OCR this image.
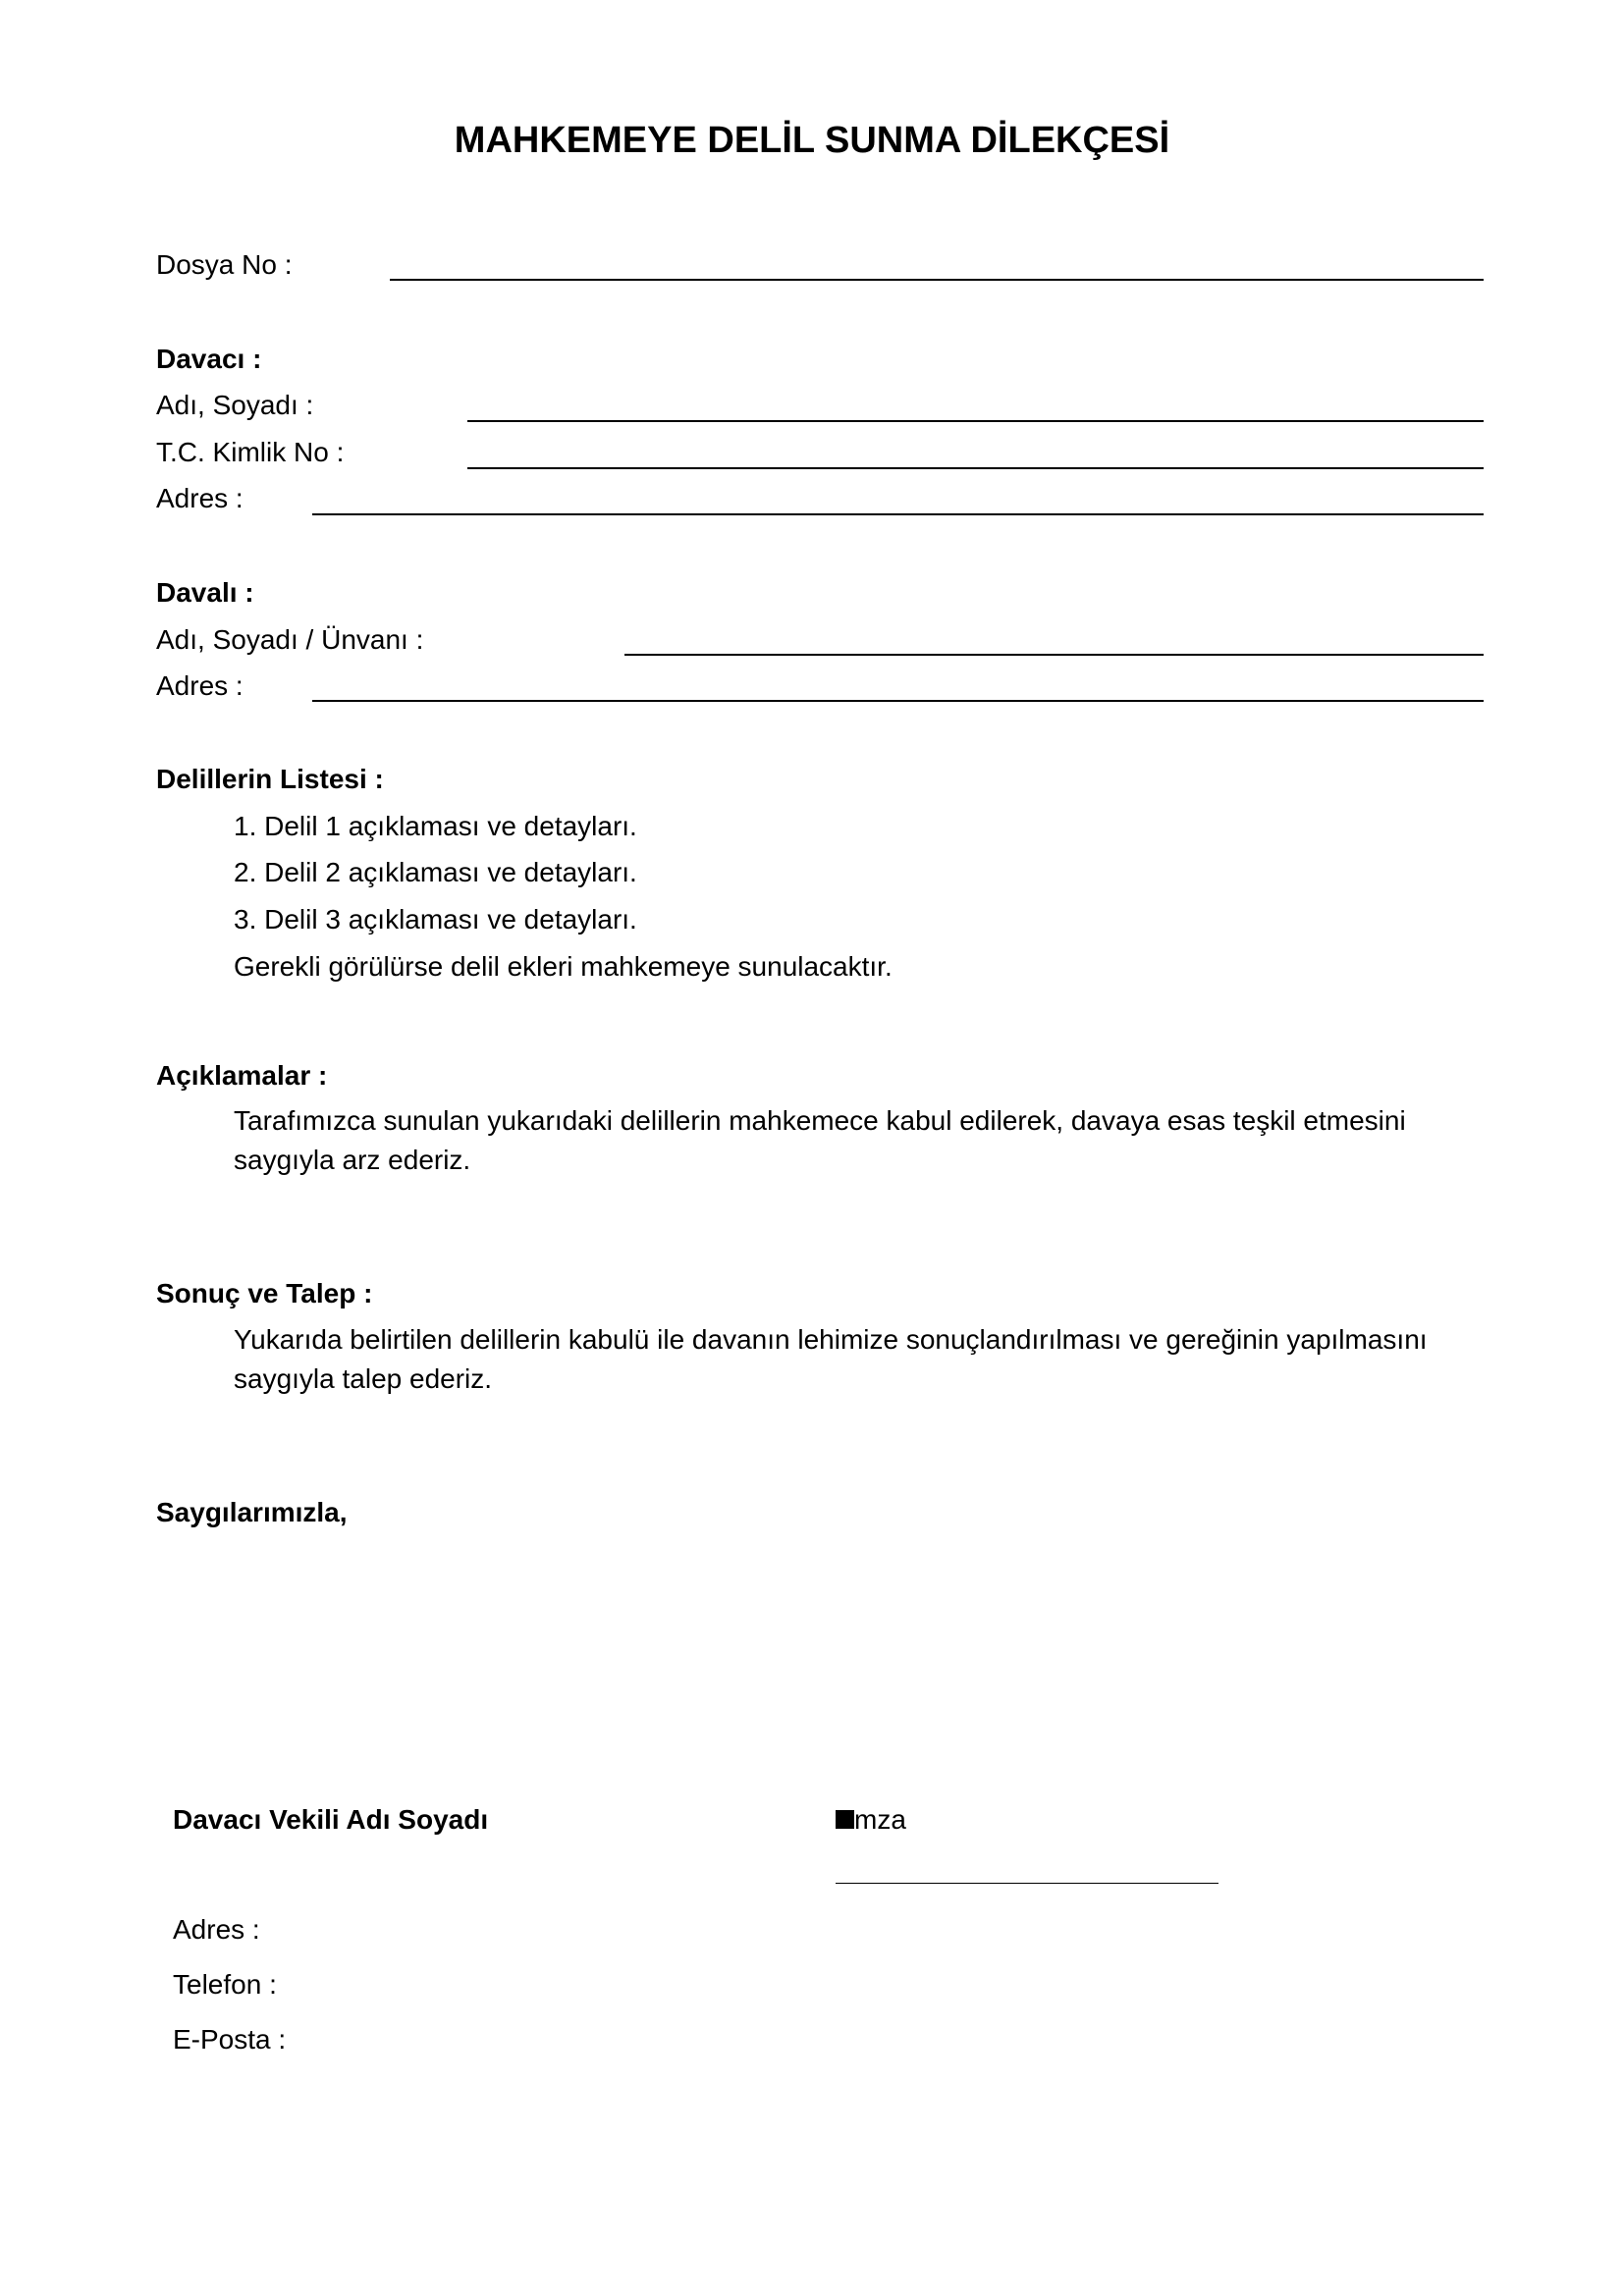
MAHKEMEYE DELİL SUNMA DİLEKÇESİ
Dosya No :
Davacı :
Adı, Soyadı :
T.C. Kimlik No :
Adres :
Davalı :
Adı, Soyadı / Ünvanı :
Adres :
Delillerin Listesi :
1. Delil 1 açıklaması ve detayları.
2. Delil 2 açıklaması ve detayları.
3. Delil 3 açıklaması ve detayları.
Gerekli görülürse delil ekleri mahkemeye sunulacaktır.
Açıklamalar :
Tarafımızca sunulan yukarıdaki delillerin mahkemece kabul edilerek, davaya esas teşkil etmesini saygıyla arz ederiz.
Sonuç ve Talep :
Yukarıda belirtilen delillerin kabulü ile davanın lehimize sonuçlandırılması ve gereğinin yapılmasını saygıyla talep ederiz.
Saygılarımızla,
Davacı Vekili Adı Soyadı	mza
Adres :
Telefon :
E-Posta :
